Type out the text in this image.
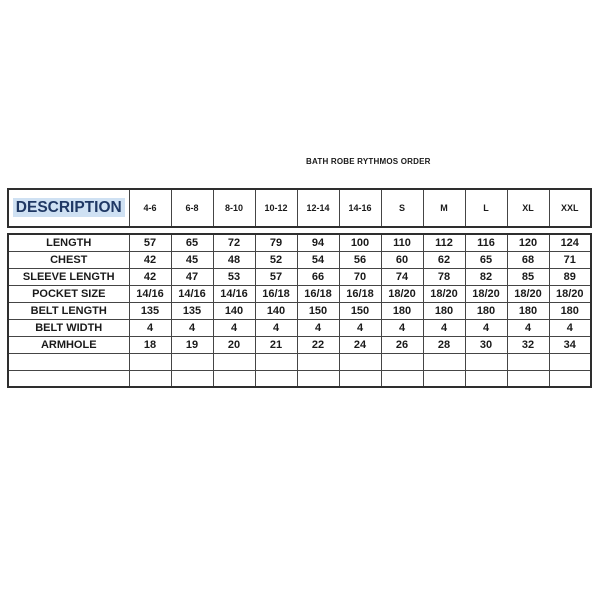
BATH ROBE RYTHMOS ORDER
DESCRIPTION	4-6	6-8	8-10	10-12	12-14	14-16	S	M	L	XL	XXL
LENGTH	57	65	72	79	94	100	110	112	116	120	124
CHEST	42	45	48	52	54	56	60	62	65	68	71
SLEEVE LENGTH	42	47	53	57	66	70	74	78	82	85	89
POCKET SIZE	14/16	14/16	14/16	16/18	16/18	16/18	18/20	18/20	18/20	18/20	18/20
BELT LENGTH	135	135	140	140	150	150	180	180	180	180	180
BELT WIDTH	4	4	4	4	4	4	4	4	4	4	4
ARMHOLE	18	19	20	21	22	24	26	28	30	32	34
